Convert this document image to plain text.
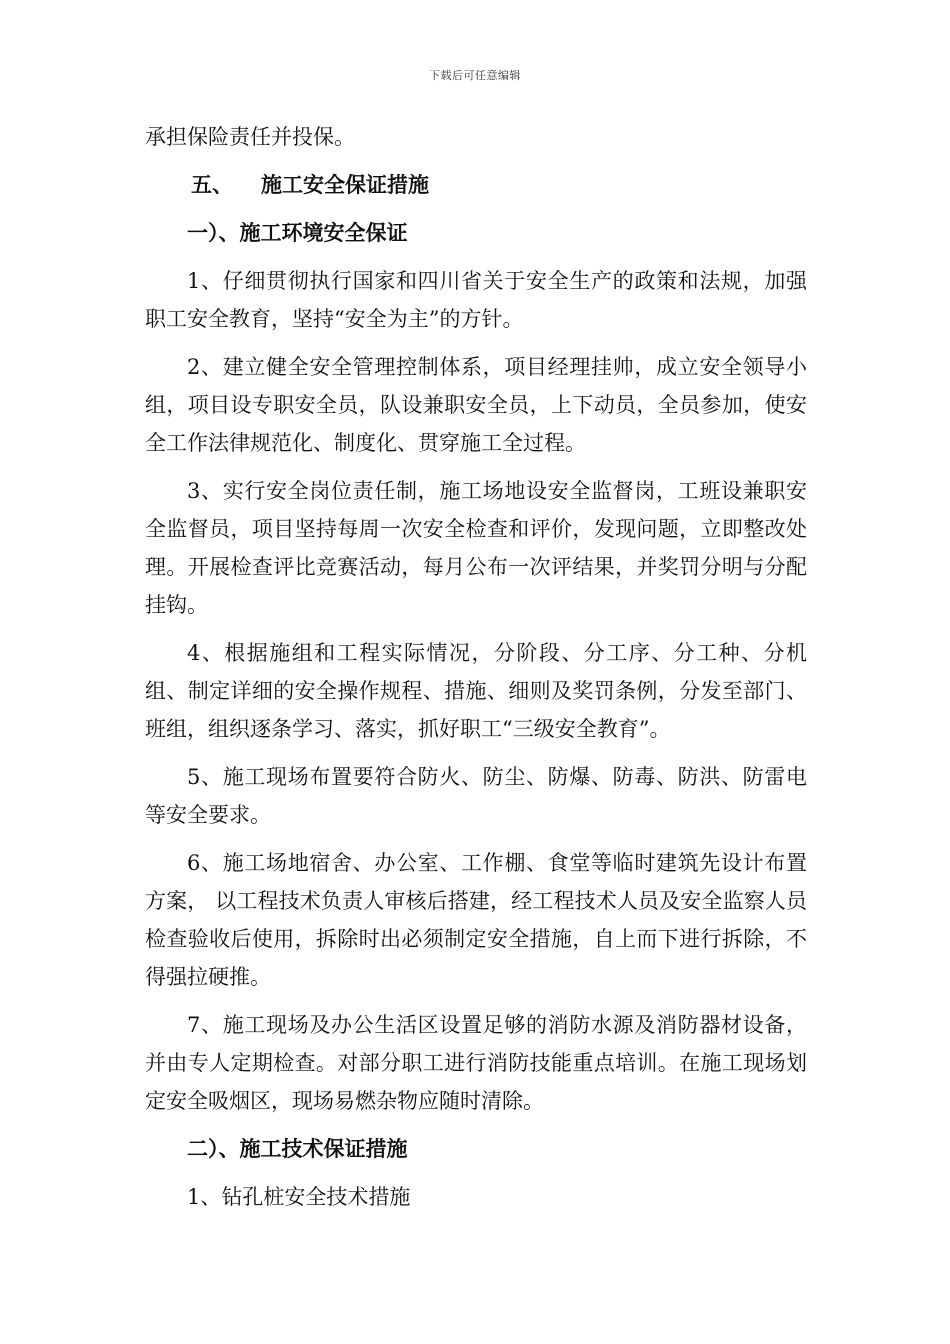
下载后可任意编辑

承担保险责任并投保。

五、 施工安全保证措施

一）、施工环境安全保证

1、仔细贯彻执行国家和四川省关于安全生产的政策和法规，加强职工安全教育，坚持“安全为主”的方针。

2、建立健全安全管理控制体系，项目经理挂帅，成立安全领导小组，项目设专职安全员，队设兼职安全员，上下动员，全员参加，使安全工作法律规范化、制度化、贯穿施工全过程。

3、实行安全岗位责任制，施工场地设安全监督岗，工班设兼职安全监督员，项目坚持每周一次安全检查和评价，发现问题，立即整改处理。开展检查评比竞赛活动，每月公布一次评结果，并奖罚分明与分配挂钩。

4、根据施组和工程实际情况，分阶段、分工序、分工种、分机组、制定详细的安全操作规程、措施、细则及奖罚条例，分发至部门、班组，组织逐条学习、落实，抓好职工“三级安全教育”。

5、施工现场布置要符合防火、防尘、防爆、防毒、防洪、防雷电等安全要求。

6、施工场地宿舍、办公室、工作棚、食堂等临时建筑先设计布置方案， 以工程技术负责人审核后搭建，经工程技术人员及安全监察人员检查验收后使用，拆除时出必须制定安全措施，自上而下进行拆除，不得强拉硬推。

7、施工现场及办公生活区设置足够的消防水源及消防器材设备，并由专人定期检查。对部分职工进行消防技能重点培训。在施工现场划定安全吸烟区，现场易燃杂物应随时清除。

二）、施工技术保证措施

1、钻孔桩安全技术措施
